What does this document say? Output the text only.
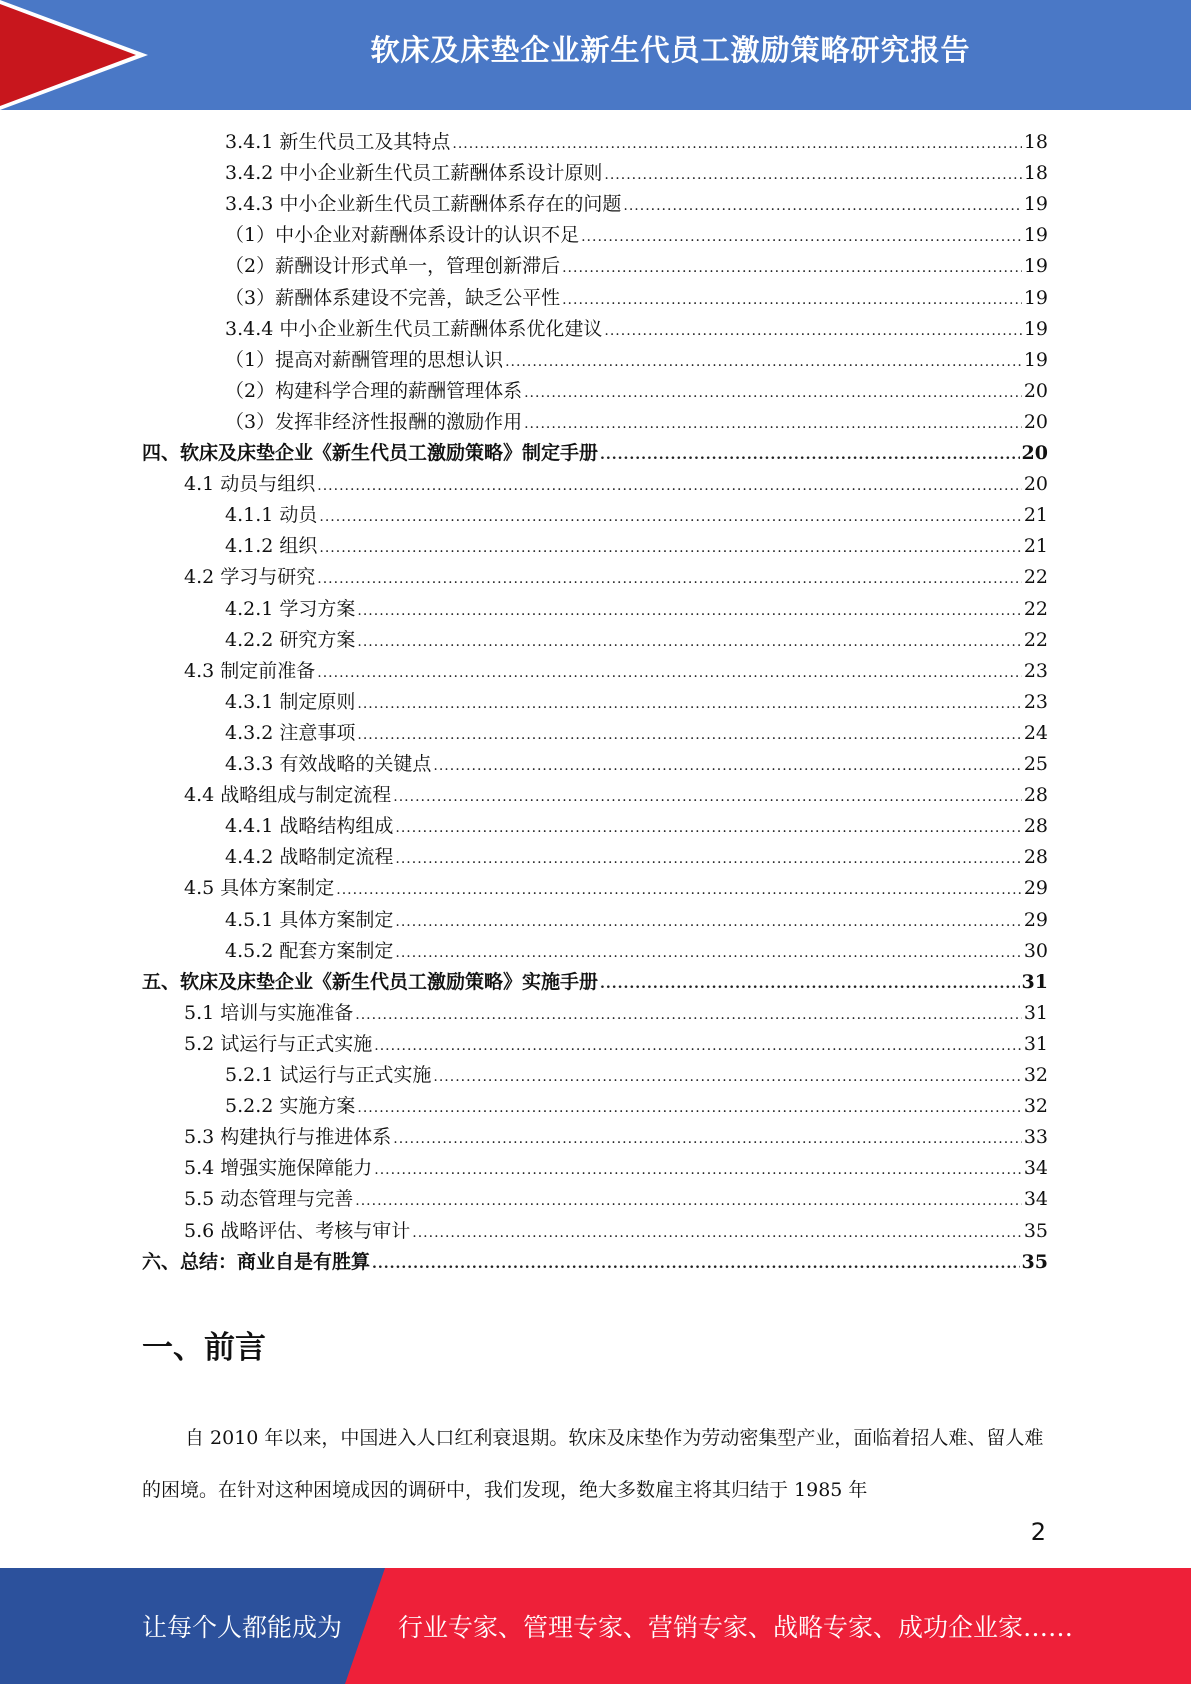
软床及床垫企业新生代员工激励策略研究报告
3.4.1 新生代员工及其特点 .....	18
3.4.2 中小企业新生代员工薪酬体系设计原则 .....	18
3.4.3 中小企业新生代员工薪酬体系存在的问题 .....	19
（1）中小企业对薪酬体系设计的认识不足 .....	19
（2）薪酬设计形式单一，管理创新滞后 .....	19
（3）薪酬体系建设不完善，缺乏公平性 .....	19
3.4.4 中小企业新生代员工薪酬体系优化建议 .....	19
（1）提高对薪酬管理的思想认识 .....	19
（2）构建科学合理的薪酬管理体系 .....	20
（3）发挥非经济性报酬的激励作用 .....	20
四、软床及床垫企业《新生代员工激励策略》制定手册 .....	20
4.1 动员与组织 .....	20
4.1.1 动员 .....	21
4.1.2 组织 .....	21
4.2 学习与研究 .....	22
4.2.1 学习方案 .....	22
4.2.2 研究方案 .....	22
4.3 制定前准备 .....	23
4.3.1 制定原则 .....	23
4.3.2 注意事项 .....	24
4.3.3 有效战略的关键点 .....	25
4.4 战略组成与制定流程 .....	28
4.4.1 战略结构组成 .....	28
4.4.2 战略制定流程 .....	28
4.5 具体方案制定 .....	29
4.5.1 具体方案制定 .....	29
4.5.2 配套方案制定 .....	30
五、软床及床垫企业《新生代员工激励策略》实施手册 .....	31
5.1 培训与实施准备 .....	31
5.2 试运行与正式实施 .....	31
5.2.1 试运行与正式实施 .....	32
5.2.2 实施方案 .....	32
5.3 构建执行与推进体系 .....	33
5.4 增强实施保障能力 .....	34
5.5 动态管理与完善 .....	34
5.6 战略评估、考核与审计 .....	35
六、总结：商业自是有胜算 .....	35
一、前言
自 2010 年以来，中国进入人口红利衰退期。软床及床垫作为劳动密集型产业，面临着招人难、留人难的困境。在针对这种困境成因的调研中，我们发现，绝大多数雇主将其归结于 1985 年
2
让每个人都能成为 行业专家、管理专家、营销专家、战略专家、成功企业家……
